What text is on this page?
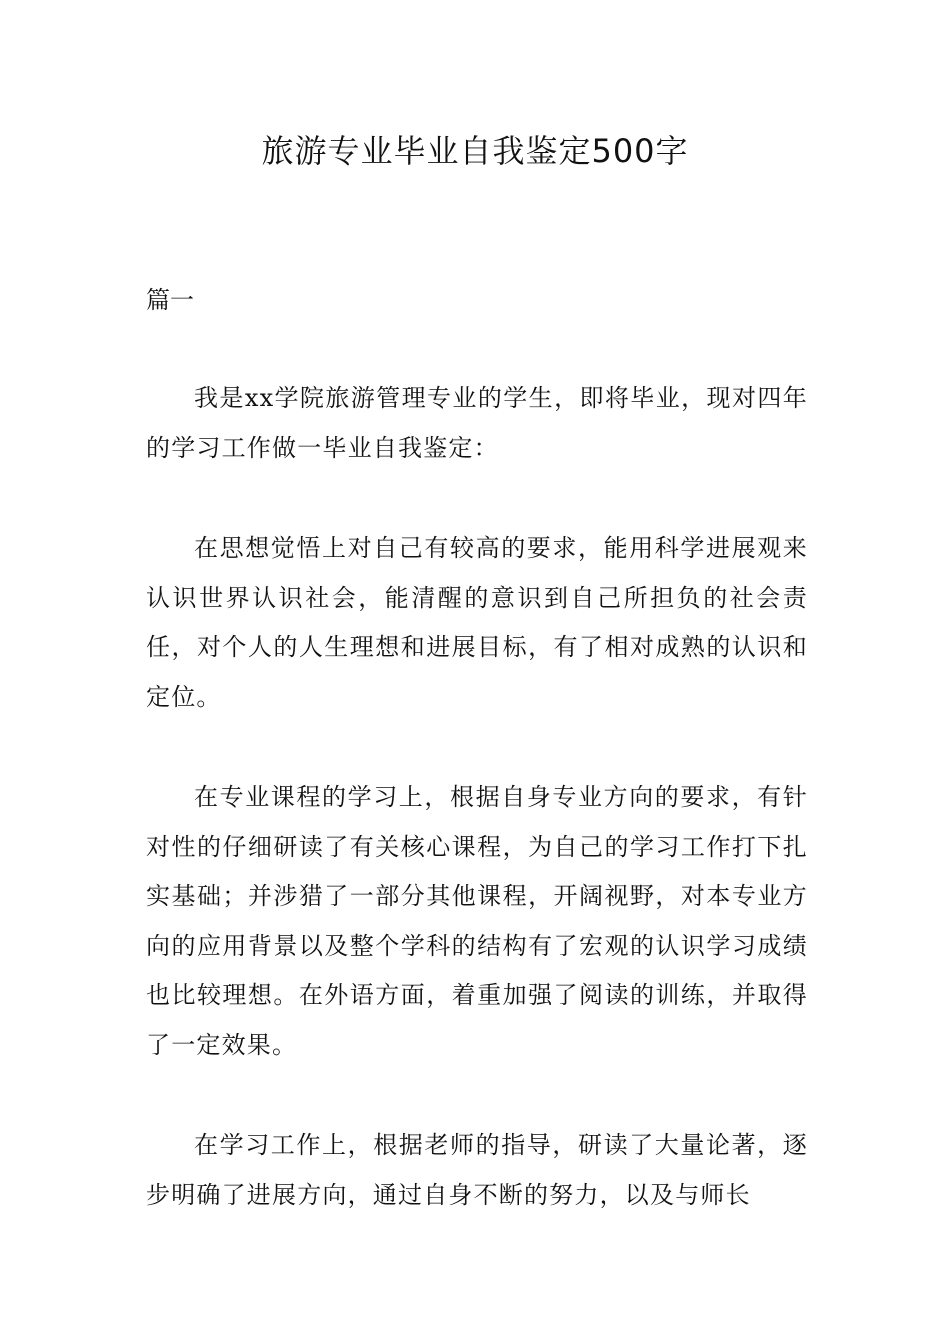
旅游专业毕业自我鉴定500字

篇一

我是xx学院旅游管理专业的学生，即将毕业，现对四年的学习工作做一毕业自我鉴定：

在思想觉悟上对自己有较高的要求，能用科学进展观来认识世界认识社会，能清醒的意识到自己所担负的社会责任，对个人的人生理想和进展目标，有了相对成熟的认识和定位。

在专业课程的学习上，根据自身专业方向的要求，有针对性的仔细研读了有关核心课程，为自己的学习工作打下扎实基础；并涉猎了一部分其他课程，开阔视野，对本专业方向的应用背景以及整个学科的结构有了宏观的认识学习成绩也比较理想。在外语方面，着重加强了阅读的训练，并取得了一定效果。

在学习工作上，根据老师的指导，研读了大量论著，逐步明确了进展方向，通过自身不断的努力，以及与师长
